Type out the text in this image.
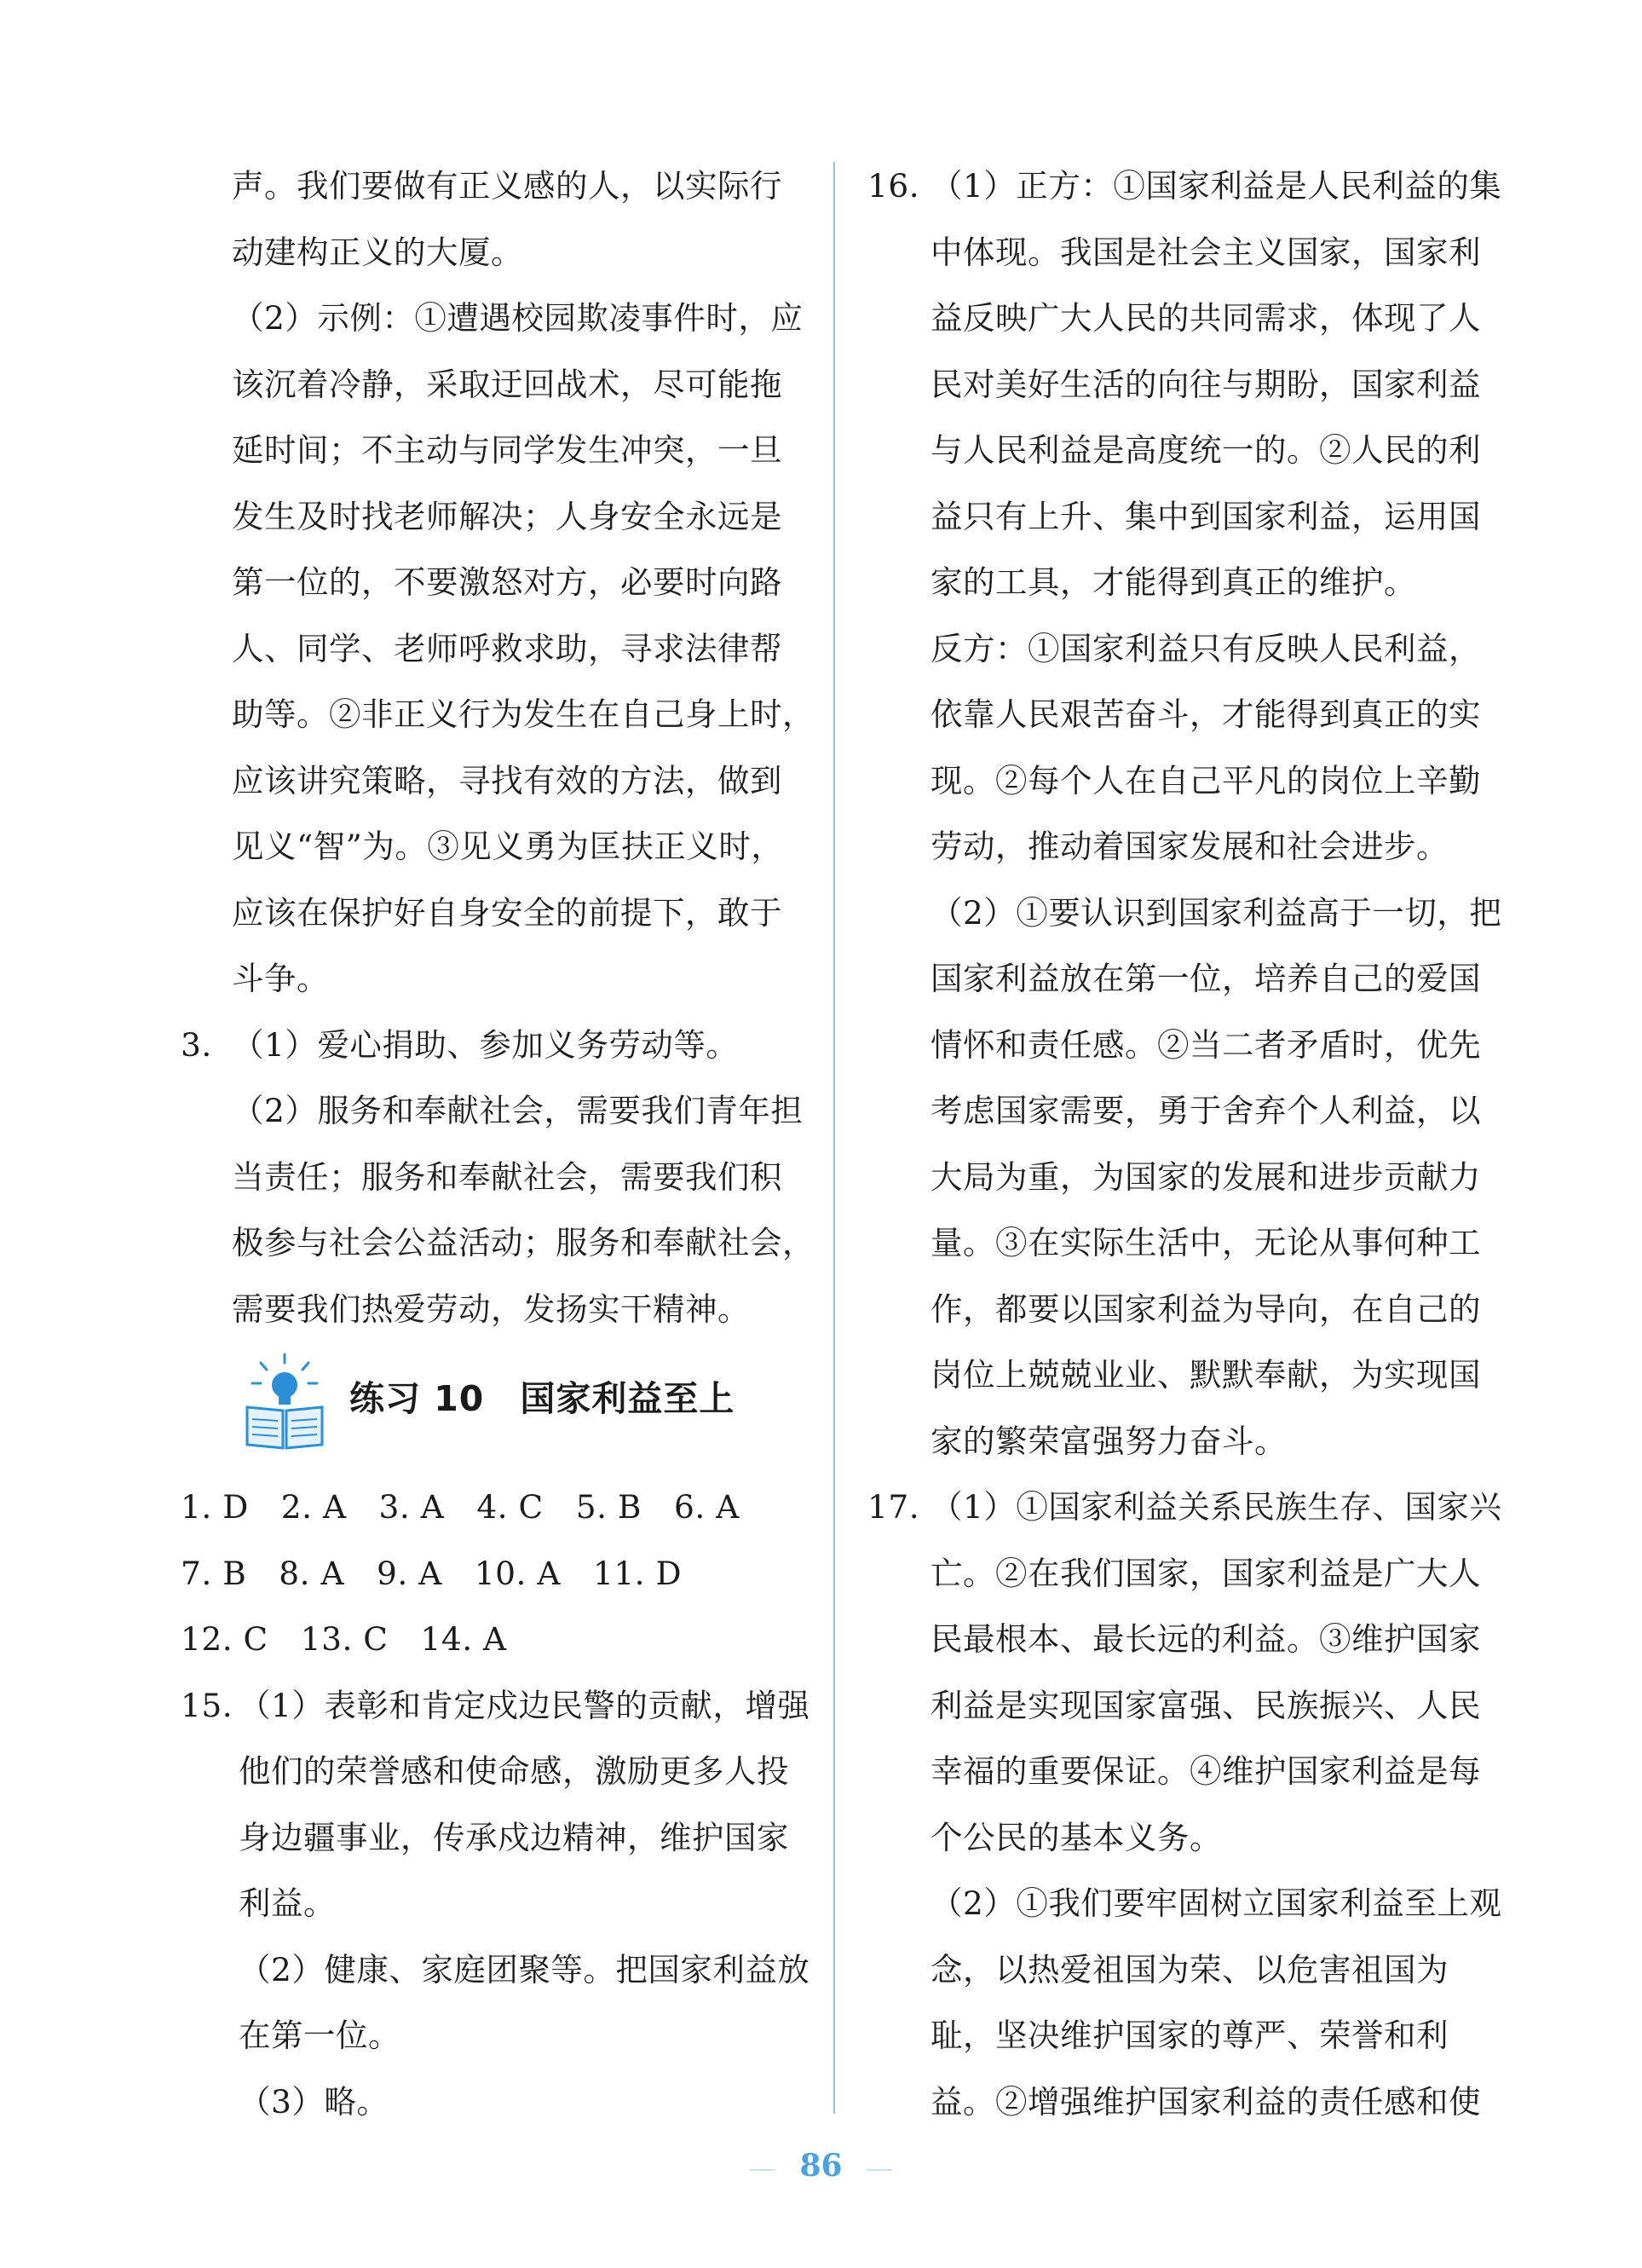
声。我们要做有正义感的人，以实际行
动建构正义的大厦。
（2）示例：①遭遇校园欺凌事件时，应
该沉着冷静，采取迂回战术，尽可能拖
延时间；不主动与同学发生冲突，一旦
发生及时找老师解决；人身安全永远是
第一位的，不要激怒对方，必要时向路
人、同学、老师呼救求助，寻求法律帮
助等。②非正义行为发生在自己身上时，
应该讲究策略，寻找有效的方法，做到
见义“智”为。③见义勇为匡扶正义时，
应该在保护好自身安全的前提下，敢于
斗争。
3. （1）爱心捐助、参加义务劳动等。
（2）服务和奉献社会，需要我们青年担
当责任；服务和奉献社会，需要我们积
极参与社会公益活动；服务和奉献社会，
需要我们热爱劳动，发扬实干精神。
练习 10　国家利益至上
1. D　2. A　3. A　4. C　5. B　6. A
7. B　8. A　9. A　10. A　11. D
12. C　13. C　14. A
15. （1）表彰和肯定戍边民警的贡献，增强
他们的荣誉感和使命感，激励更多人投
身边疆事业，传承戍边精神，维护国家
利益。
（2）健康、家庭团聚等。把国家利益放
在第一位。
（3）略。
16. （1）正方：①国家利益是人民利益的集
中体现。我国是社会主义国家，国家利
益反映广大人民的共同需求，体现了人
民对美好生活的向往与期盼，国家利益
与人民利益是高度统一的。②人民的利
益只有上升、集中到国家利益，运用国
家的工具，才能得到真正的维护。
反方：①国家利益只有反映人民利益，
依靠人民艰苦奋斗，才能得到真正的实
现。②每个人在自己平凡的岗位上辛勤
劳动，推动着国家发展和社会进步。
（2）①要认识到国家利益高于一切，把
国家利益放在第一位，培养自己的爱国
情怀和责任感。②当二者矛盾时，优先
考虑国家需要，勇于舍弃个人利益，以
大局为重，为国家的发展和进步贡献力
量。③在实际生活中，无论从事何种工
作，都要以国家利益为导向，在自己的
岗位上兢兢业业、默默奉献，为实现国
家的繁荣富强努力奋斗。
17. （1）①国家利益关系民族生存、国家兴
亡。②在我们国家，国家利益是广大人
民最根本、最长远的利益。③维护国家
利益是实现国家富强、民族振兴、人民
幸福的重要保证。④维护国家利益是每
个公民的基本义务。
（2）①我们要牢固树立国家利益至上观
念，以热爱祖国为荣、以危害祖国为
耻，坚决维护国家的尊严、荣誉和利
益。②增强维护国家利益的责任感和使
86
